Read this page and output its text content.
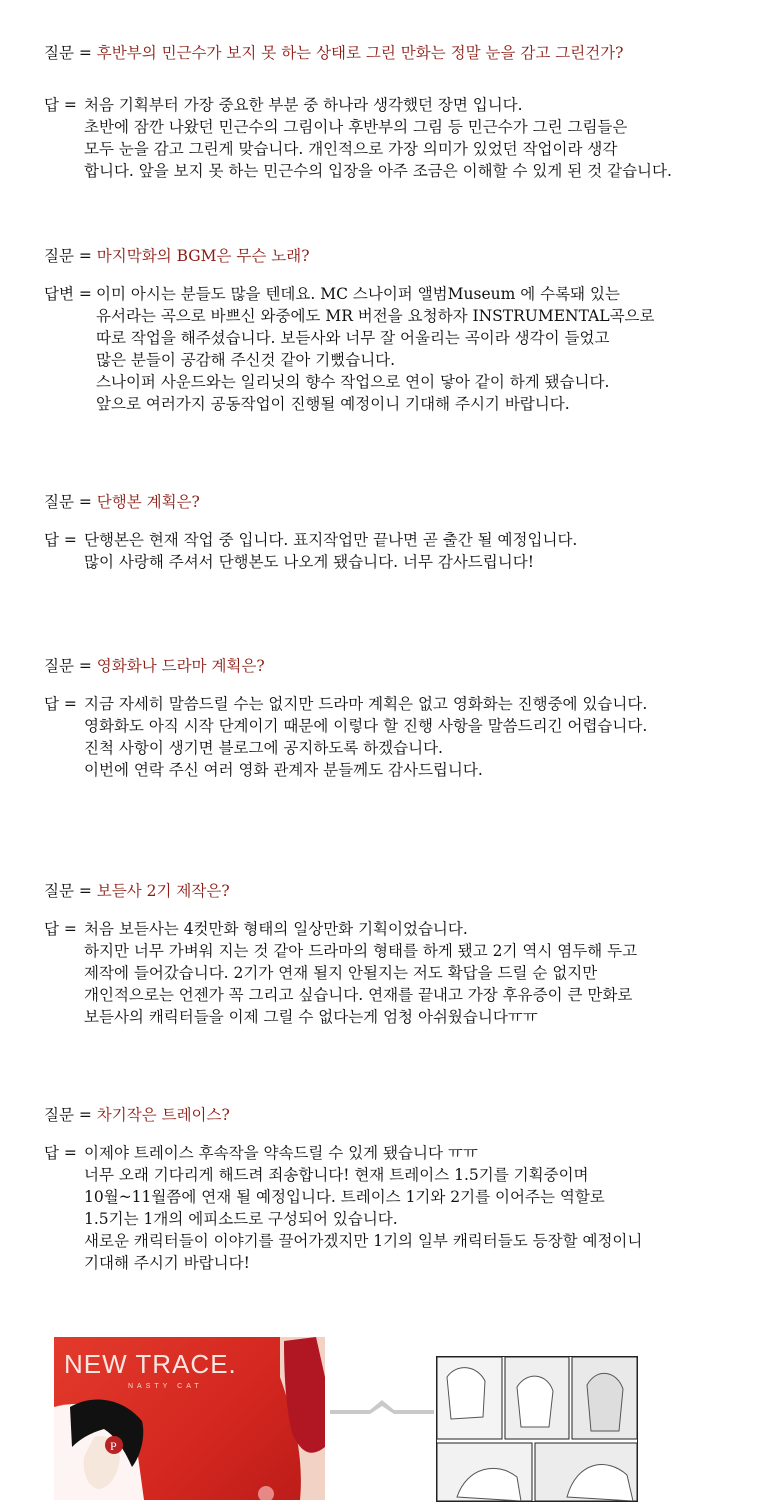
질문 = 후반부의 민근수가 보지 못 하는 상태로 그린 만화는 정말 눈을 감고 그린건가?
답 = 처음 기획부터 가장 중요한 부분 중 하나라 생각했던 장면 입니다.
초반에 잠깐 나왔던 민근수의 그림이나 후반부의 그림 등 민근수가 그린 그림들은
모두 눈을 감고 그린게 맞습니다. 개인적으로 가장 의미가 있었던 작업이라 생각
합니다. 앞을 보지 못 하는 민근수의 입장을 아주 조금은 이해할 수 있게 된 것 같습니다.
질문 = 마지막화의 BGM은 무슨 노래?
답변 = 이미 아시는 분들도 많을 텐데요. MC 스나이퍼 앨범Museum 에 수록돼 있는
유서라는 곡으로 바쁘신 와중에도 MR 버전을 요청하자 INSTRUMENTAL곡으로
따로 작업을 해주셨습니다. 보듣사와 너무 잘 어울리는 곡이라 생각이 들었고
많은 분들이 공감해 주신것 같아 기뻤습니다.
스나이퍼 사운드와는 일리닛의 향수 작업으로 연이 닿아 같이 하게 됐습니다.
앞으로 여러가지 공동작업이 진행될 예정이니 기대해 주시기 바랍니다.
질문 = 단행본 계획은?
답 = 단행본은 현재 작업 중 입니다. 표지작업만 끝나면 곧 출간 될 예정입니다.
많이 사랑해 주셔서 단행본도 나오게 됐습니다. 너무 감사드립니다!
질문 = 영화화나 드라마 계획은?
답 = 지금 자세히 말씀드릴 수는 없지만 드라마 계획은 없고 영화화는 진행중에 있습니다.
영화화도 아직 시작 단계이기 때문에 이렇다 할 진행 사항을 말씀드리긴 어렵습니다.
진척 사항이 생기면 블로그에 공지하도록 하겠습니다.
이번에 연락 주신 여러 영화 관계자 분들께도 감사드립니다.
질문 = 보듣사 2기 제작은?
답 = 처음 보듣사는 4컷만화 형태의 일상만화 기획이었습니다.
하지만 너무 가벼워 지는 것 같아 드라마의 형태를 하게 됐고 2기 역시 염두해 두고
제작에 들어갔습니다. 2기가 연재 될지 안될지는 저도 확답을 드릴 순 없지만
개인적으로는 언젠가 꼭 그리고 싶습니다. 연재를 끝내고 가장 후유증이 큰 만화로
보듣사의 캐릭터들을 이제 그릴 수 없다는게 엄청 아쉬웠습니다ㅠㅠ
질문 = 차기작은 트레이스?
답 = 이제야 트레이스 후속작을 약속드릴 수 있게 됐습니다 ㅠㅠ
너무 오래 기다리게 해드려 죄송합니다! 현재 트레이스 1.5기를 기획중이며
10월~11월쯤에 연재 될 예정입니다. 트레이스 1기와 2기를 이어주는 역할로
1.5기는 1개의 에피소드로 구성되어 있습니다.
새로운 캐릭터들이 이야기를 끌어가겠지만 1기의 일부 캐릭터들도 등장할 예정이니
기대해 주시기 바랍니다!
NEW TRACE.
NASTY CAT
P
